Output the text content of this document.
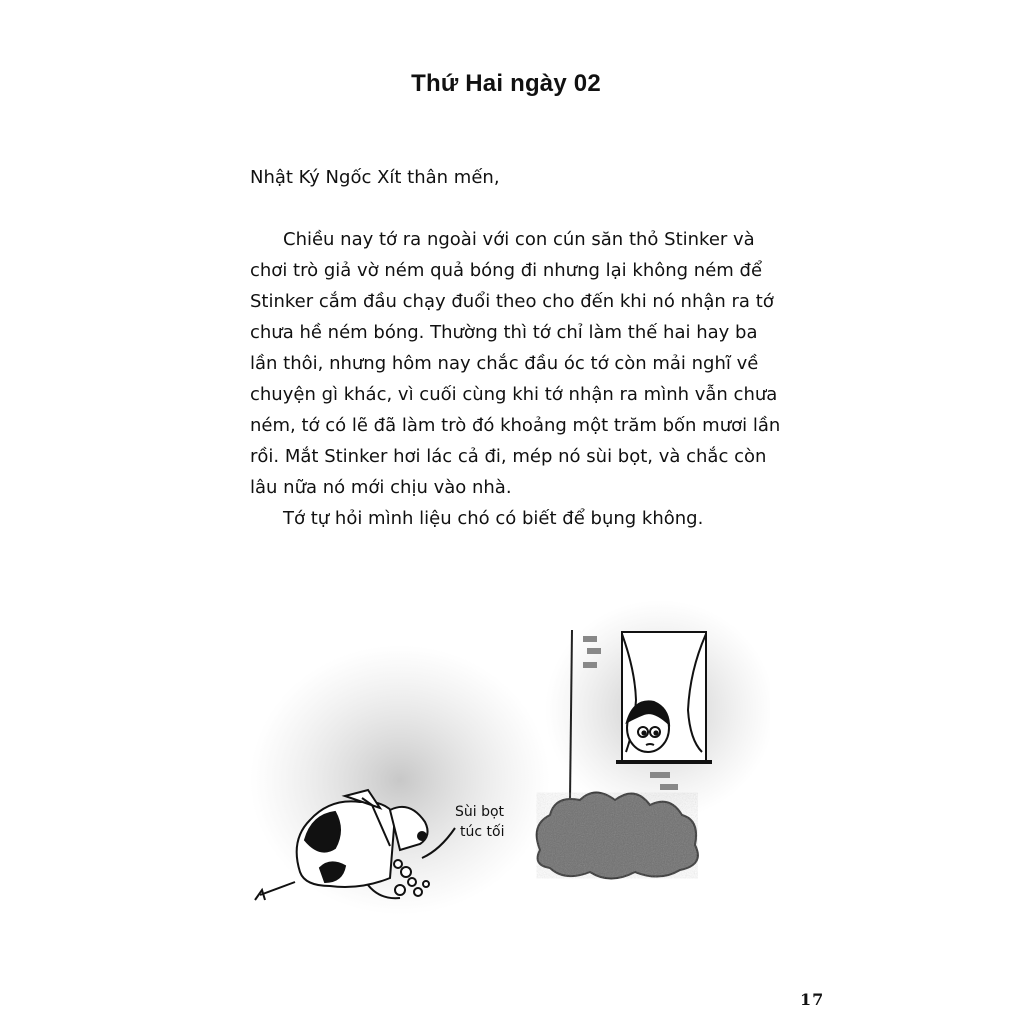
Thứ Hai ngày 02
Nhật Ký Ngốc Xít thân mến,
Chiều nay tớ ra ngoài với con cún săn thỏ Stinker và
chơi trò giả vờ ném quả bóng đi nhưng lại không ném để
Stinker cắm đầu chạy đuổi theo cho đến khi nó nhận ra tớ
chưa hề ném bóng. Thường thì tớ chỉ làm thế hai hay ba
lần thôi, nhưng hôm nay chắc đầu óc tớ còn mải nghĩ về
chuyện gì khác, vì cuối cùng khi tớ nhận ra mình vẫn chưa
ném, tớ có lẽ đã làm trò đó khoảng một trăm bốn mươi lần
rồi. Mắt Stinker hơi lác cả đi, mép nó sùi bọt, và chắc còn
lâu nữa nó mới chịu vào nhà.
Tớ tự hỏi mình liệu chó có biết để bụng không.
Sùi bọt
túc tối
17
